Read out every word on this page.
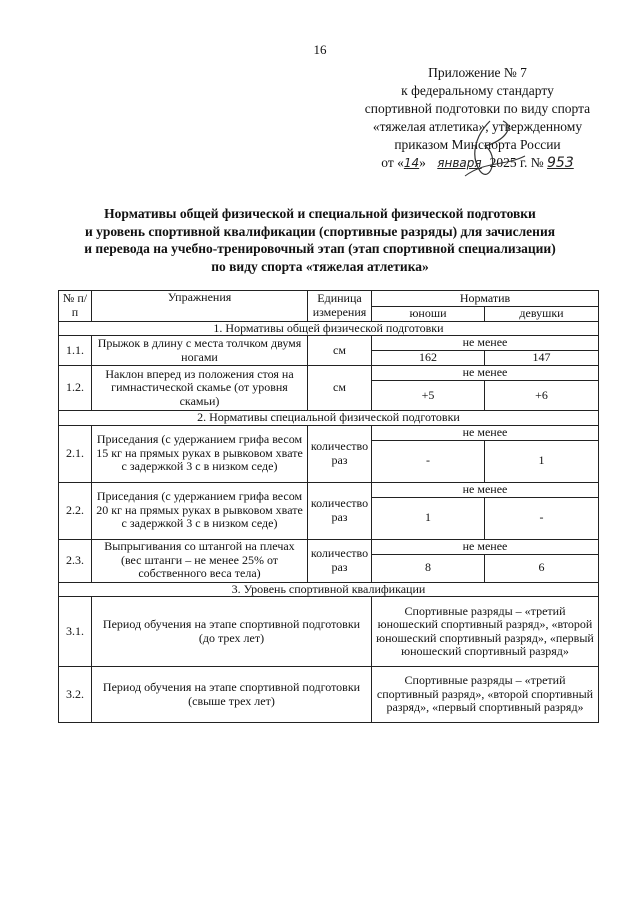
16
Приложение № 7
к федеральному стандарту
спортивной подготовки по виду спорта
«тяжелая атлетика», утвержденному
приказом Минспорта России
от «14» января 2025 г. № 953
Нормативы общей физической и специальной физической подготовки
и уровень спортивной квалификации (спортивные разряды) для зачисления
и перевода на учебно-тренировочный этап (этап спортивной специализации)
по виду спорта «тяжелая атлетика»
№ п/п	Упражнения	Единица измерения	Норматив	
			юноши	девушки
1. Нормативы общей физической подготовки				
1.1.	Прыжок в длину с места толчком двумя ногами	см	не менее	
			162	147
1.2.	Наклон вперед из положения стоя на гимнастической скамье (от уровня скамьи)	см	не менее	
			+5	+6
2. Нормативы специальной физической подготовки				
2.1.	Приседания (с удержанием грифа весом 15 кг на прямых руках в рывковом хвате с задержкой 3 с в низком седе)	количество раз	не менее	
			-	1
2.2.	Приседания (с удержанием грифа весом 20 кг на прямых руках в рывковом хвате с задержкой 3 с в низком седе)	количество раз	не менее	
			1	-
2.3.	Выпрыгивания со штангой на плечах (вес штанги – не менее 25% от собственного веса тела)	количество раз	не менее	
			8	6
3. Уровень спортивной квалификации				
3.1.	Период обучения на этапе спортивной подготовки (до трех лет)		Спортивные разряды – «третий юношеский спортивный разряд», «второй юношеский спортивный разряд», «первый юношеский спортивный разряд»	
3.2.	Период обучения на этапе спортивной подготовки (свыше трех лет)		Спортивные разряды – «третий спортивный разряд», «второй спортивный разряд», «первый спортивный разряд»	
